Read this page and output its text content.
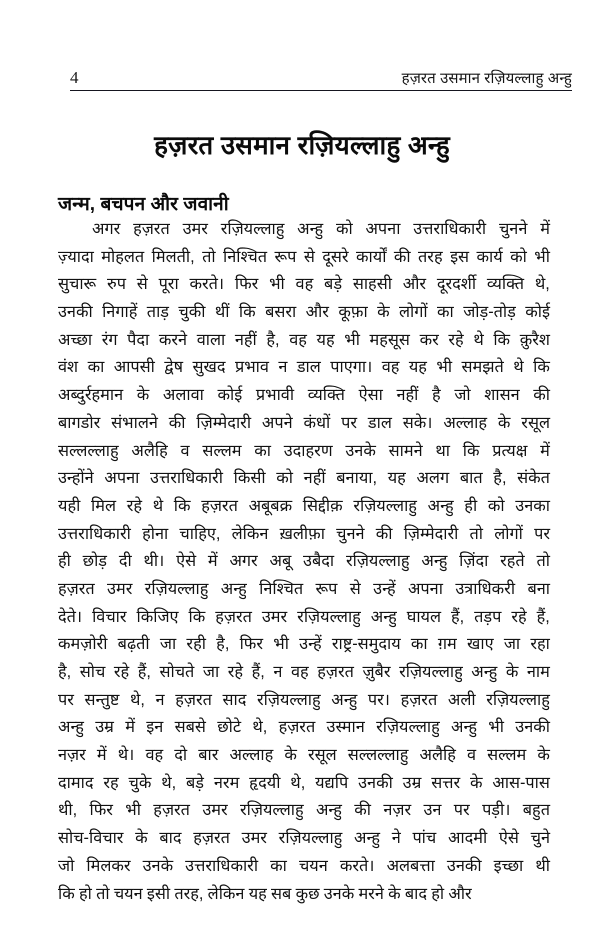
4	हज़रत उसमान रज़ियल्लाहु अन्हु
हज़रत उसमान रज़ियल्लाहु अन्हु
जन्म, बचपन और जवानी
अगर हज़रत उमर रज़ियल्लाहु अन्हु को अपना उत्तराधिकारी चुनने में
ज़्यादा मोहलत मिलती, तो निश्चित रूप से दूसरे कार्यों की तरह इस कार्य को भी
सुचारू रुप से पूरा करते। फिर भी वह बड़े साहसी और दूरदर्शी व्यक्ति थे,
उनकी निगाहें ताड़ चुकी थीं कि बसरा और कूफ़ा के लोगों का जोड़-तोड़ कोई
अच्छा रंग पैदा करने वाला नहीं है, वह यह भी महसूस कर रहे थे कि क़ुरैश
वंश का आपसी द्वेष सुखद प्रभाव न डाल पाएगा। वह यह भी समझते थे कि
अब्दुर्रहमान के अलावा कोई प्रभावी व्यक्ति ऐसा नहीं है जो शासन की
बागडोर संभालने की ज़िम्मेदारी अपने कंधों पर डाल सके। अल्लाह के रसूल
सल्लल्लाहु अलैहि व सल्लम का उदाहरण उनके सामने था कि प्रत्यक्ष में
उन्होंने अपना उत्तराधिकारी किसी को नहीं बनाया, यह अलग बात है, संकेत
यही मिल रहे थे कि हज़रत अबूबक्र सिद्दीक़ रज़ियल्लाहु अन्हु ही को उनका
उत्तराधिकारी होना चाहिए, लेकिन ख़लीफ़ा चुनने की ज़िम्मेदारी तो लोगों पर
ही छोड़ दी थी। ऐसे में अगर अबू उबैदा रज़ियल्लाहु अन्हु ज़िंदा रहते तो
हज़रत उमर रज़ियल्लाहु अन्हु निश्चित रूप से उन्हें अपना उत्राधिकरी बना
देते। विचार किजिए कि हज़रत उमर रज़ियल्लाहु अन्हु घायल हैं, तड़प रहे हैं,
कमज़ोरी बढ़ती जा रही है, फिर भी उन्हें राष्ट्र-समुदाय का ग़म खाए जा रहा
है, सोच रहे हैं, सोचते जा रहे हैं, न वह हज़रत ज़ुबैर रज़ियल्लाहु अन्हु के नाम
पर सन्तुष्ट थे, न हज़रत साद रज़ियल्लाहु अन्हु पर। हज़रत अली रज़ियल्लाहु
अन्हु उम्र में इन सबसे छोटे थे, हज़रत उस्मान रज़ियल्लाहु अन्हु भी उनकी
नज़र में थे। वह दो बार अल्लाह के रसूल सल्लल्लाहु अलैहि व सल्लम के
दामाद रह चुके थे, बड़े नरम हृदयी थे, यद्यपि उनकी उम्र सत्तर के आस-पास
थी, फिर भी हज़रत उमर रज़ियल्लाहु अन्हु की नज़र उन पर पड़ी। बहुत
सोच-विचार के बाद हज़रत उमर रज़ियल्लाहु अन्हु ने पांच आदमी ऐसे चुने
जो मिलकर उनके उत्तराधिकारी का चयन करते। अलबत्ता उनकी इच्छा थी
कि हो तो चयन इसी तरह, लेकिन यह सब कुछ उनके मरने के बाद हो और
